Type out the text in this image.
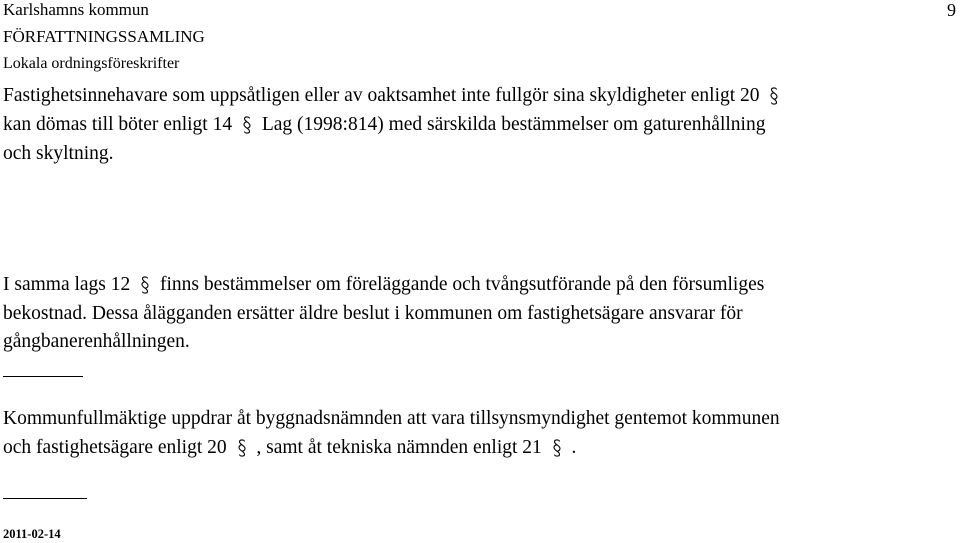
Karlshamns kommun
FÖRFATTNINGSSAMLING
Lokala ordningsföreskrifter
9
Fastighetsinnehavare som uppsåtligen eller av oaktsamhet inte fullgör sina skyldigheter enligt 20
kan dömas till böter enligt 14 Lag (1998:814) med särskilda bestämmelser om gaturenhållning
och skyltning.
I samma lags 12 finns bestämmelser om föreläggande och tvångsutförande på den försumliges
bekostnad. Dessa ålägganden ersätter äldre beslut i kommunen om fastighetsägare ansvarar för
gångbanerenhållningen.
Kommunfullmäktige uppdrar åt byggnadsnämnden att vara tillsynsmyndighet gentemot kommunen
och fastighetsägare enligt 20 , samt åt tekniska nämnden enligt 21 .
2011-02-14
